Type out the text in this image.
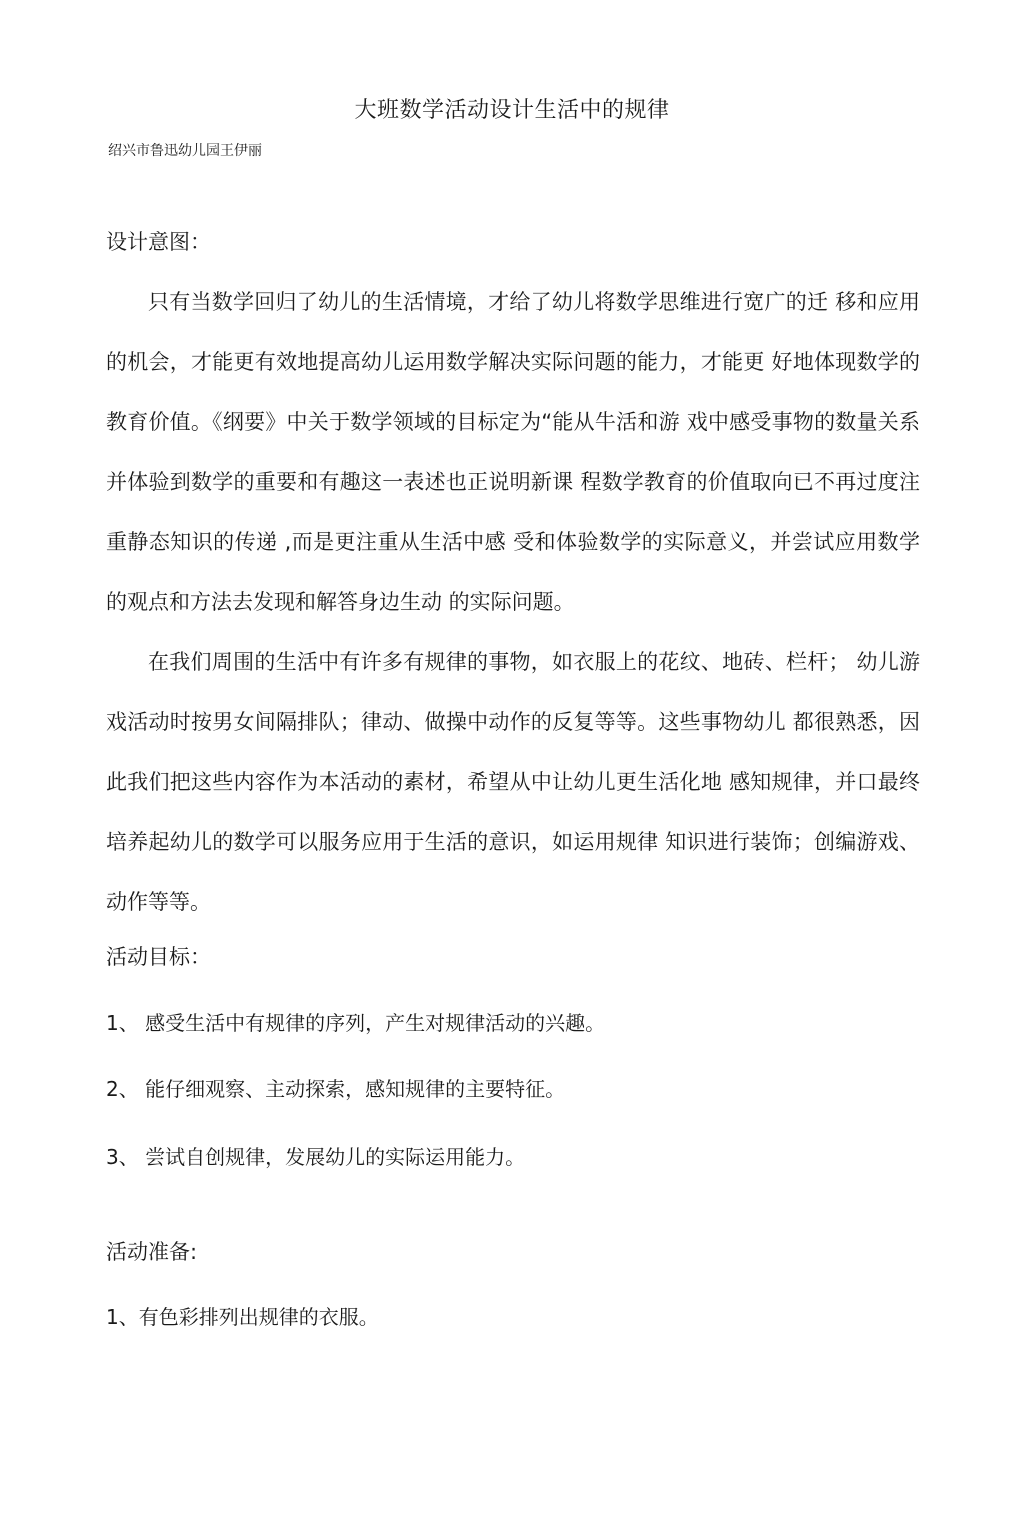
大班数学活动设计生活中的规律
绍兴市鲁迅幼儿园王伊丽
设计意图：
只有当数学回归了幼儿的生活情境，才给了幼儿将数学思维进行宽广的迁 移和应用的机会，才能更有效地提高幼儿运用数学解决实际问题的能力，才能更 好地体现数学的教育价值。《纲要》中关于数学领域的目标定为“能从牛活和游 戏中感受事物的数量关系并体验到数学的重要和有趣这一表述也正说明新课 程数学教育的价值取向已不再过度注重静态知识的传递 ,而是更注重从生活中感 受和体验数学的实际意义，并尝试应用数学的观点和方法去发现和解答身边生动 的实际问题。
在我们周围的生活中有许多有规律的事物，如衣服上的花纹、地砖、栏杆； 幼儿游戏活动时按男女间隔排队；律动、做操中动作的反复等等。这些事物幼儿 都很熟悉，因此我们把这些内容作为本活动的素材，希望从中让幼儿更生活化地 感知规律，并口最终培养起幼儿的数学可以服务应用于生活的意识，如运用规律 知识进行装饰；创编游戏、动作等等。
活动目标：
1、 感受生活中有规律的序列，产生对规律活动的兴趣。
2、 能仔细观察、主动探索，感知规律的主要特征。
3、 尝试自创规律，发展幼儿的实际运用能力。
活动准备:
1、有色彩排列出规律的衣服。
